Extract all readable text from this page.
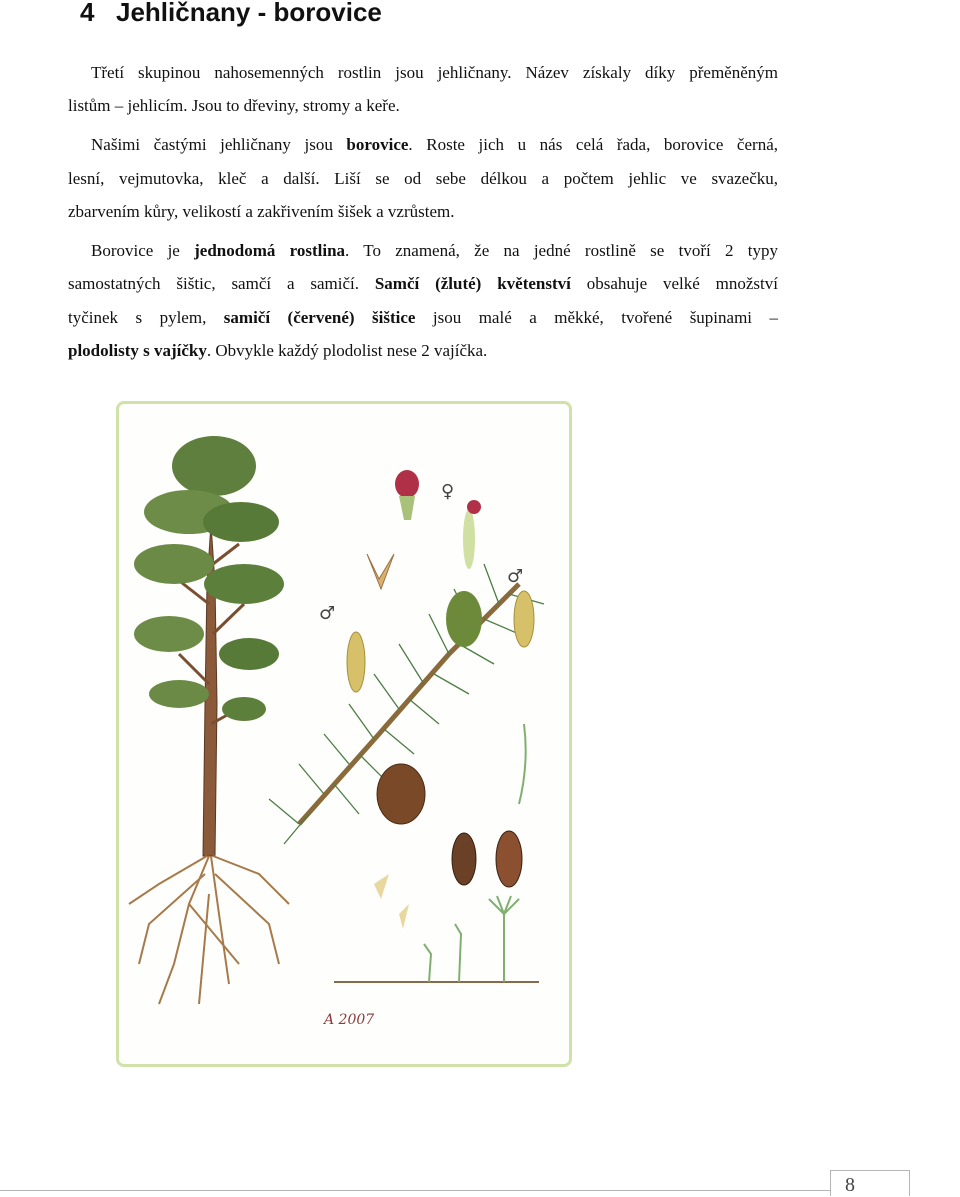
4 Jehličnany - borovice
Třetí skupinou nahosemenných rostlin jsou jehličnany. Název získaly díky přeměněným
listům – jehlicím. Jsou to dřeviny, stromy a keře.
Našimi častými jehličnany jsou borovice. Roste jich u nás celá řada, borovice černá,
lesní, vejmutovka, kleč a další. Liší se od sebe délkou a počtem jehlic ve svazečku,
zbarvením kůry, velikostí a zakřivením šišek a vzrůstem.
Borovice je jednodomá rostlina. To znamená, že na jedné rostlině se tvoří 2 typy
samostatných šištic, samčí a samičí. Samčí (žluté) květenství obsahuje velké množství
tyčinek s pylem, samičí (červené) šištice jsou malé a měkké, tvořené šupinami –
plodolisty s vajíčky. Obvykle každý plodolist nese 2 vajíčka.
♀
♂
♂
A 2007
8
